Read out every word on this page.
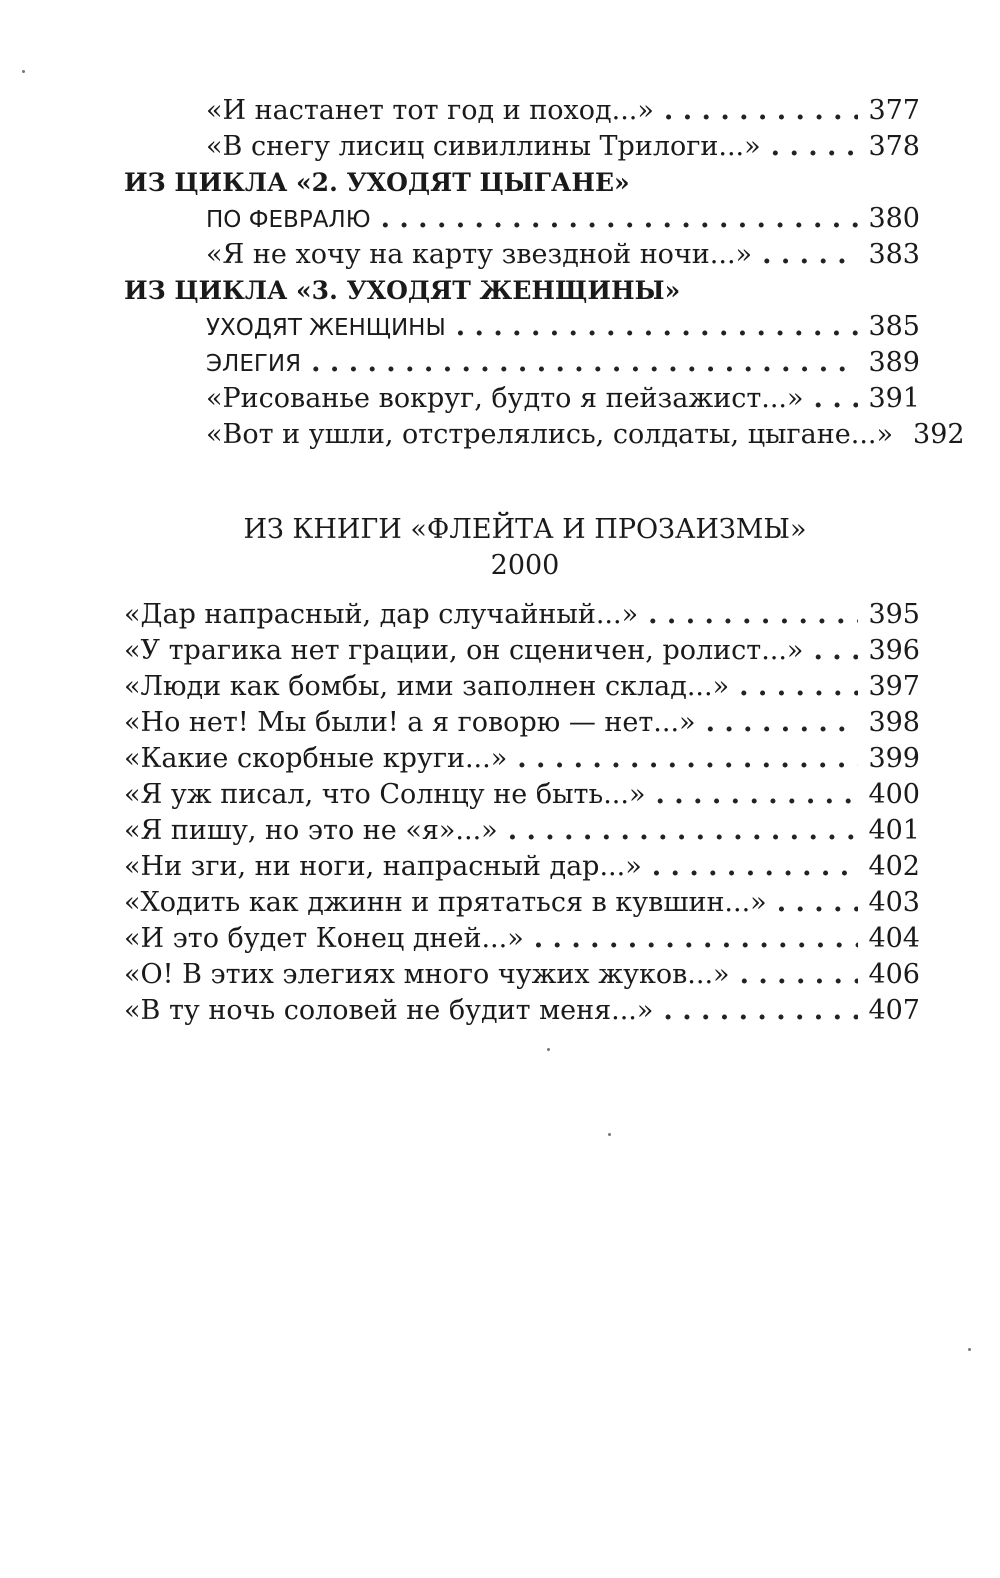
«И настанет тот год и поход...» . . .	377
«В снегу лисиц сивиллины Трилоги...» . . .	378
ИЗ ЦИКЛА «2. УХОДЯТ ЦЫГАНЕ»
ПО ФЕВРАЛЮ . . .	380
«Я не хочу на карту звездной ночи...» . . .	383
ИЗ ЦИКЛА «3. УХОДЯТ ЖЕНЩИНЫ»
УХОДЯТ ЖЕНЩИНЫ . . .	385
ЭЛЕГИЯ . . .	389
«Рисованье вокруг, будто я пейзажист...» . . . 391
«Вот и ушли, отстрелялись, солдаты, цыгане...» 392
ИЗ КНИГИ «ФЛЕЙТА И ПРОЗАИЗМЫ»
2000
«Дар напрасный, дар случайный...» . . .	395
«У трагика нет грации, он сценичен, ролист...» . . . 396
«Люди как бомбы, ими заполнен склад...» . . .	397
«Но нет! Мы были! а я говорю — нет...» . . .	398
«Какие скорбные круги...» . . .	399
«Я уж писал, что Солнцу не быть...» . . .	400
«Я пишу, но это не «я»...» . . .	401
«Ни зги, ни ноги, напрасный дар...» . . .	402
«Ходить как джинн и прятаться в кувшин...» . . .	403
«И это будет Конец дней...» . . .	404
«О! В этих элегиях много чужих жуков...» . . .	406
«В ту ночь соловей не будит меня...» . . .	407
